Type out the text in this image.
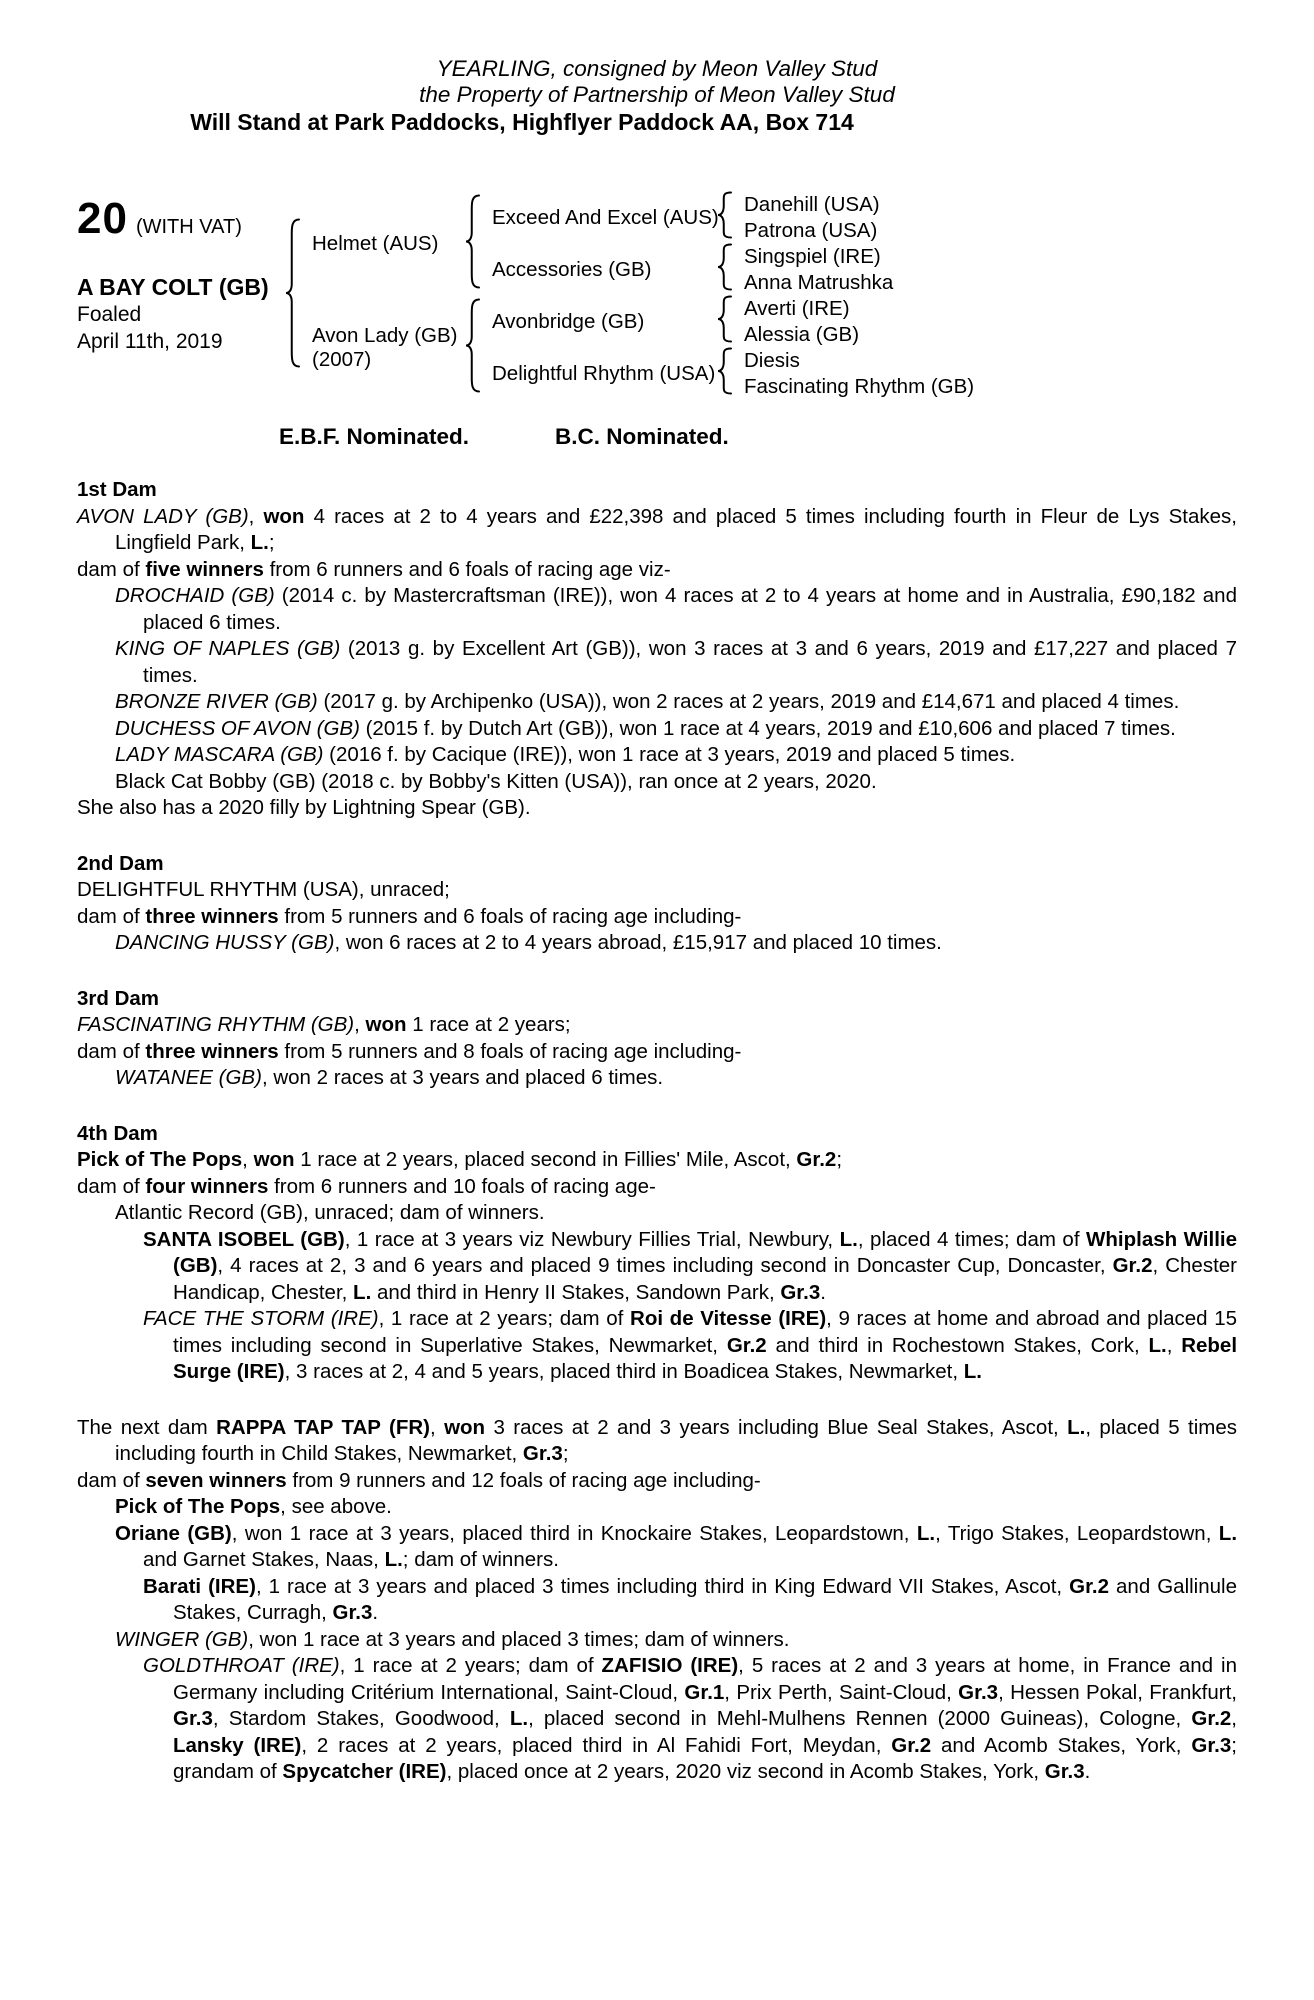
YEARLING, consigned by Meon Valley Stud
the Property of Partnership of Meon Valley Stud
Will Stand at Park Paddocks, Highflyer Paddock AA, Box 714
20 (WITH VAT)
A BAY COLT (GB)
Foaled
April 11th, 2019
Helmet (AUS)
Avon Lady (GB)
(2007)
Exceed And Excel (AUS)
Accessories (GB)
Avonbridge (GB)
Delightful Rhythm (USA)
Danehill (USA)
Patrona (USA)
Singspiel (IRE)
Anna Matrushka
Averti (IRE)
Alessia (GB)
Diesis
Fascinating Rhythm (GB)
E.B.F. Nominated.	B.C. Nominated.
1st Dam

AVON LADY (GB), won 4 races at 2 to 4 years and £22,398 and placed 5 times including fourth in Fleur de Lys Stakes, Lingfield Park, L.;

dam of five winners from 6 runners and 6 foals of racing age viz-

DROCHAID (GB) (2014 c. by Mastercraftsman (IRE)), won 4 races at 2 to 4 years at home and in Australia, £90,182 and placed 6 times.

KING OF NAPLES (GB) (2013 g. by Excellent Art (GB)), won 3 races at 3 and 6 years, 2019 and £17,227 and placed 7 times.

BRONZE RIVER (GB) (2017 g. by Archipenko (USA)), won 2 races at 2 years, 2019 and £14,671 and placed 4 times.

DUCHESS OF AVON (GB) (2015 f. by Dutch Art (GB)), won 1 race at 4 years, 2019 and £10,606 and placed 7 times.

LADY MASCARA (GB) (2016 f. by Cacique (IRE)), won 1 race at 3 years, 2019 and placed 5 times.

Black Cat Bobby (GB) (2018 c. by Bobby's Kitten (USA)), ran once at 2 years, 2020.

She also has a 2020 filly by Lightning Spear (GB).

2nd Dam

DELIGHTFUL RHYTHM (USA), unraced;

dam of three winners from 5 runners and 6 foals of racing age including-

DANCING HUSSY (GB), won 6 races at 2 to 4 years abroad, £15,917 and placed 10 times.

3rd Dam

FASCINATING RHYTHM (GB), won 1 race at 2 years;

dam of three winners from 5 runners and 8 foals of racing age including-

WATANEE (GB), won 2 races at 3 years and placed 6 times.

4th Dam

Pick of The Pops, won 1 race at 2 years, placed second in Fillies' Mile, Ascot, Gr.2;

dam of four winners from 6 runners and 10 foals of racing age-

Atlantic Record (GB), unraced; dam of winners.

SANTA ISOBEL (GB), 1 race at 3 years viz Newbury Fillies Trial, Newbury, L., placed 4 times; dam of Whiplash Willie (GB), 4 races at 2, 3 and 6 years and placed 9 times including second in Doncaster Cup, Doncaster, Gr.2, Chester Handicap, Chester, L. and third in Henry II Stakes, Sandown Park, Gr.3.

FACE THE STORM (IRE), 1 race at 2 years; dam of Roi de Vitesse (IRE), 9 races at home and abroad and placed 15 times including second in Superlative Stakes, Newmarket, Gr.2 and third in Rochestown Stakes, Cork, L., Rebel Surge (IRE), 3 races at 2, 4 and 5 years, placed third in Boadicea Stakes, Newmarket, L.

The next dam RAPPA TAP TAP (FR), won 3 races at 2 and 3 years including Blue Seal Stakes, Ascot, L., placed 5 times including fourth in Child Stakes, Newmarket, Gr.3;

dam of seven winners from 9 runners and 12 foals of racing age including-

Pick of The Pops, see above.

Oriane (GB), won 1 race at 3 years, placed third in Knockaire Stakes, Leopardstown, L., Trigo Stakes, Leopardstown, L. and Garnet Stakes, Naas, L.; dam of winners.

Barati (IRE), 1 race at 3 years and placed 3 times including third in King Edward VII Stakes, Ascot, Gr.2 and Gallinule Stakes, Curragh, Gr.3.

WINGER (GB), won 1 race at 3 years and placed 3 times; dam of winners.

GOLDTHROAT (IRE), 1 race at 2 years; dam of ZAFISIO (IRE), 5 races at 2 and 3 years at home, in France and in Germany including Critérium International, Saint-Cloud, Gr.1, Prix Perth, Saint-Cloud, Gr.3, Hessen Pokal, Frankfurt, Gr.3, Stardom Stakes, Goodwood, L., placed second in Mehl-Mulhens Rennen (2000 Guineas), Cologne, Gr.2, Lansky (IRE), 2 races at 2 years, placed third in Al Fahidi Fort, Meydan, Gr.2 and Acomb Stakes, York, Gr.3; grandam of Spycatcher (IRE), placed once at 2 years, 2020 viz second in Acomb Stakes, York, Gr.3.
